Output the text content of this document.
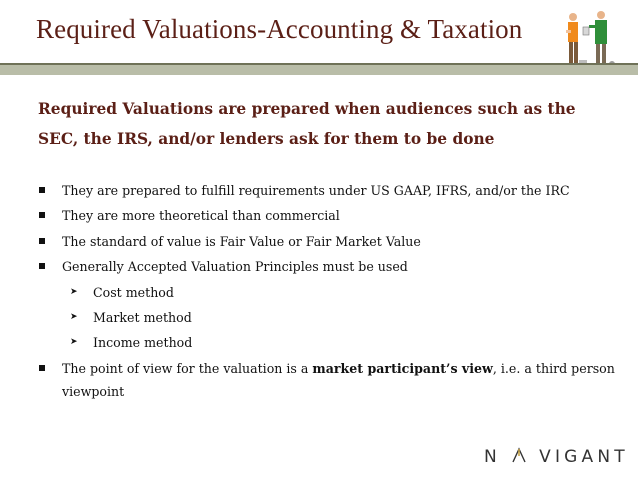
Required Valuations-Accounting & Taxation
Required Valuations are prepared when audiences such as the SEC, the IRS, and/or lenders ask for them to be done
They are prepared to fulfill requirements under US GAAP, IFRS, and/or the IRC
They are more theoretical than commercial
The standard of value is Fair Value or Fair Market Value
Generally Accepted Valuation Principles must be used
➤ Cost method
➤ Market method
➤ Income method
The point of view for the valuation is a market participant’s view, i.e. a third person viewpoint
N VIGANT
